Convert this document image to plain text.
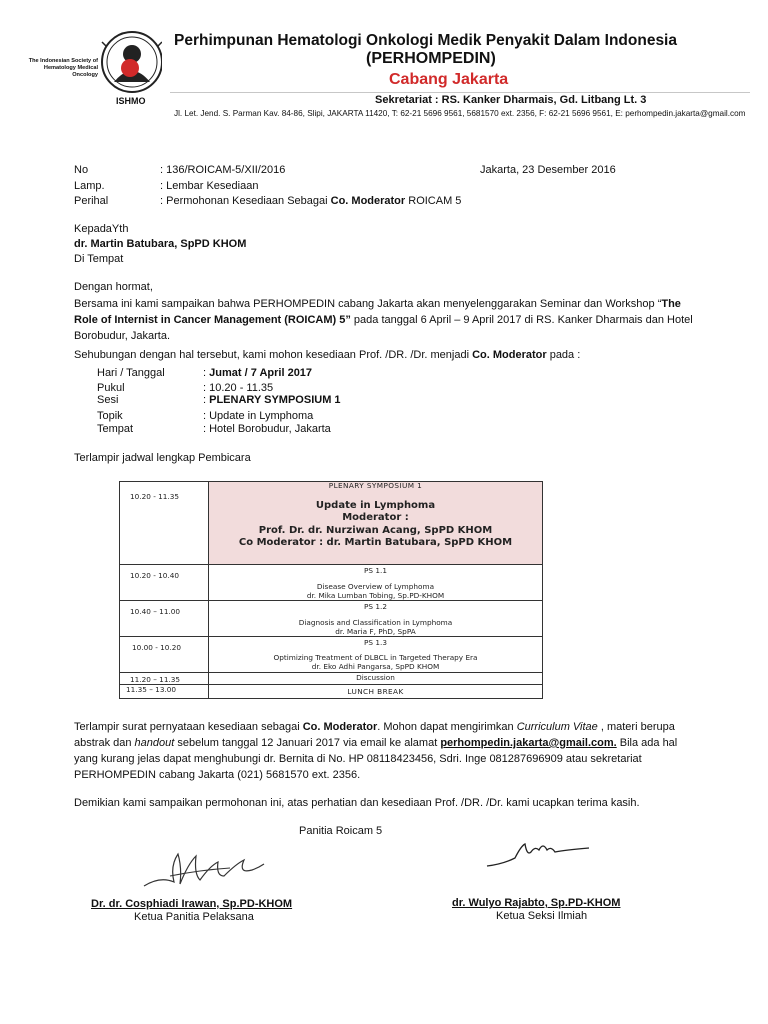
The Indonesian Society of Hematology Medical Oncology
ISHMO
Perhimpunan Hematologi Onkologi Medik Penyakit Dalam Indonesia
(PERHOMPEDIN)
Cabang Jakarta
Sekretariat : RS. Kanker Dharmais, Gd. Litbang Lt. 3
Jl. Let. Jend. S. Parman Kav. 84-86, Slipi, JAKARTA 11420, T: 62-21 5696 9561, 5681570 ext. 2356, F: 62-21 5696 9561, E: perhompedin.jakarta@gmail.com
No	: 136/ROICAM-5/XII/2016	Jakarta, 23 Desember 2016
Lamp.	: Lembar Kesediaan
Perihal	: Permohonan Kesediaan Sebagai Co. Moderator ROICAM 5
KepadaYth
dr. Martin Batubara, SpPD KHOM
Di Tempat
Dengan hormat,
Bersama ini kami sampaikan bahwa PERHOMPEDIN cabang Jakarta akan menyelenggarakan Seminar dan Workshop “The Role of Internist in Cancer Management (ROICAM) 5” pada tanggal 6 April – 9 April 2017 di RS. Kanker Dharmais dan Hotel Borobudur, Jakarta.
Sehubungan dengan hal tersebut, kami mohon kesediaan Prof. /DR. /Dr. menjadi Co. Moderator pada :
Hari / Tanggal	: Jumat / 7 April 2017
Pukul	: 10.20 - 11.35
Sesi	: PLENARY SYMPOSIUM 1
Topik	: Update in Lymphoma
Tempat	: Hotel Borobudur, Jakarta
Terlampir jadwal lengkap Pembicara
10.20 - 11.35	PLENARY SYMPOSIUM 1
Update in Lymphoma
Moderator :
Prof. Dr. dr. Nurziwan Acang, SpPD KHOM
Co Moderator : dr. Martin Batubara, SpPD KHOM

10.20 - 10.40	PS 1.1
Disease Overview of Lymphoma
dr. Mika Lumban Tobing, Sp.PD-KHOM

10.40 – 11.00	PS 1.2
Diagnosis and Classification in Lymphoma
dr. Maria F, PhD, SpPA

10.00 - 10.20	PS 1.3
Optimizing Treatment of DLBCL in Targeted Therapy Era
dr. Eko Adhi Pangarsa, SpPD KHOM

11.20 – 11.35	Discussion
11.35 – 13.00	LUNCH BREAK
Terlampir surat pernyataan kesediaan sebagai Co. Moderator. Mohon dapat mengirimkan Curriculum Vitae , materi berupa abstrak dan handout sebelum tanggal 12 Januari 2017 via email ke alamat perhompedin.jakarta@gmail.com. Bila ada hal yang kurang jelas dapat menghubungi dr. Bernita di No. HP 08118423456, Sdri. Inge 081287696909 atau sekretariat PERHOMPEDIN cabang Jakarta (021) 5681570 ext. 2356.
Demikian kami sampaikan permohonan ini, atas perhatian dan kesediaan Prof. /DR. /Dr. kami ucapkan terima kasih.
Panitia Roicam 5
Dr. dr. Cosphiadi Irawan, Sp.PD-KHOM
Ketua Panitia Pelaksana
dr. Wulyo Rajabto, Sp.PD-KHOM
Ketua Seksi Ilmiah
